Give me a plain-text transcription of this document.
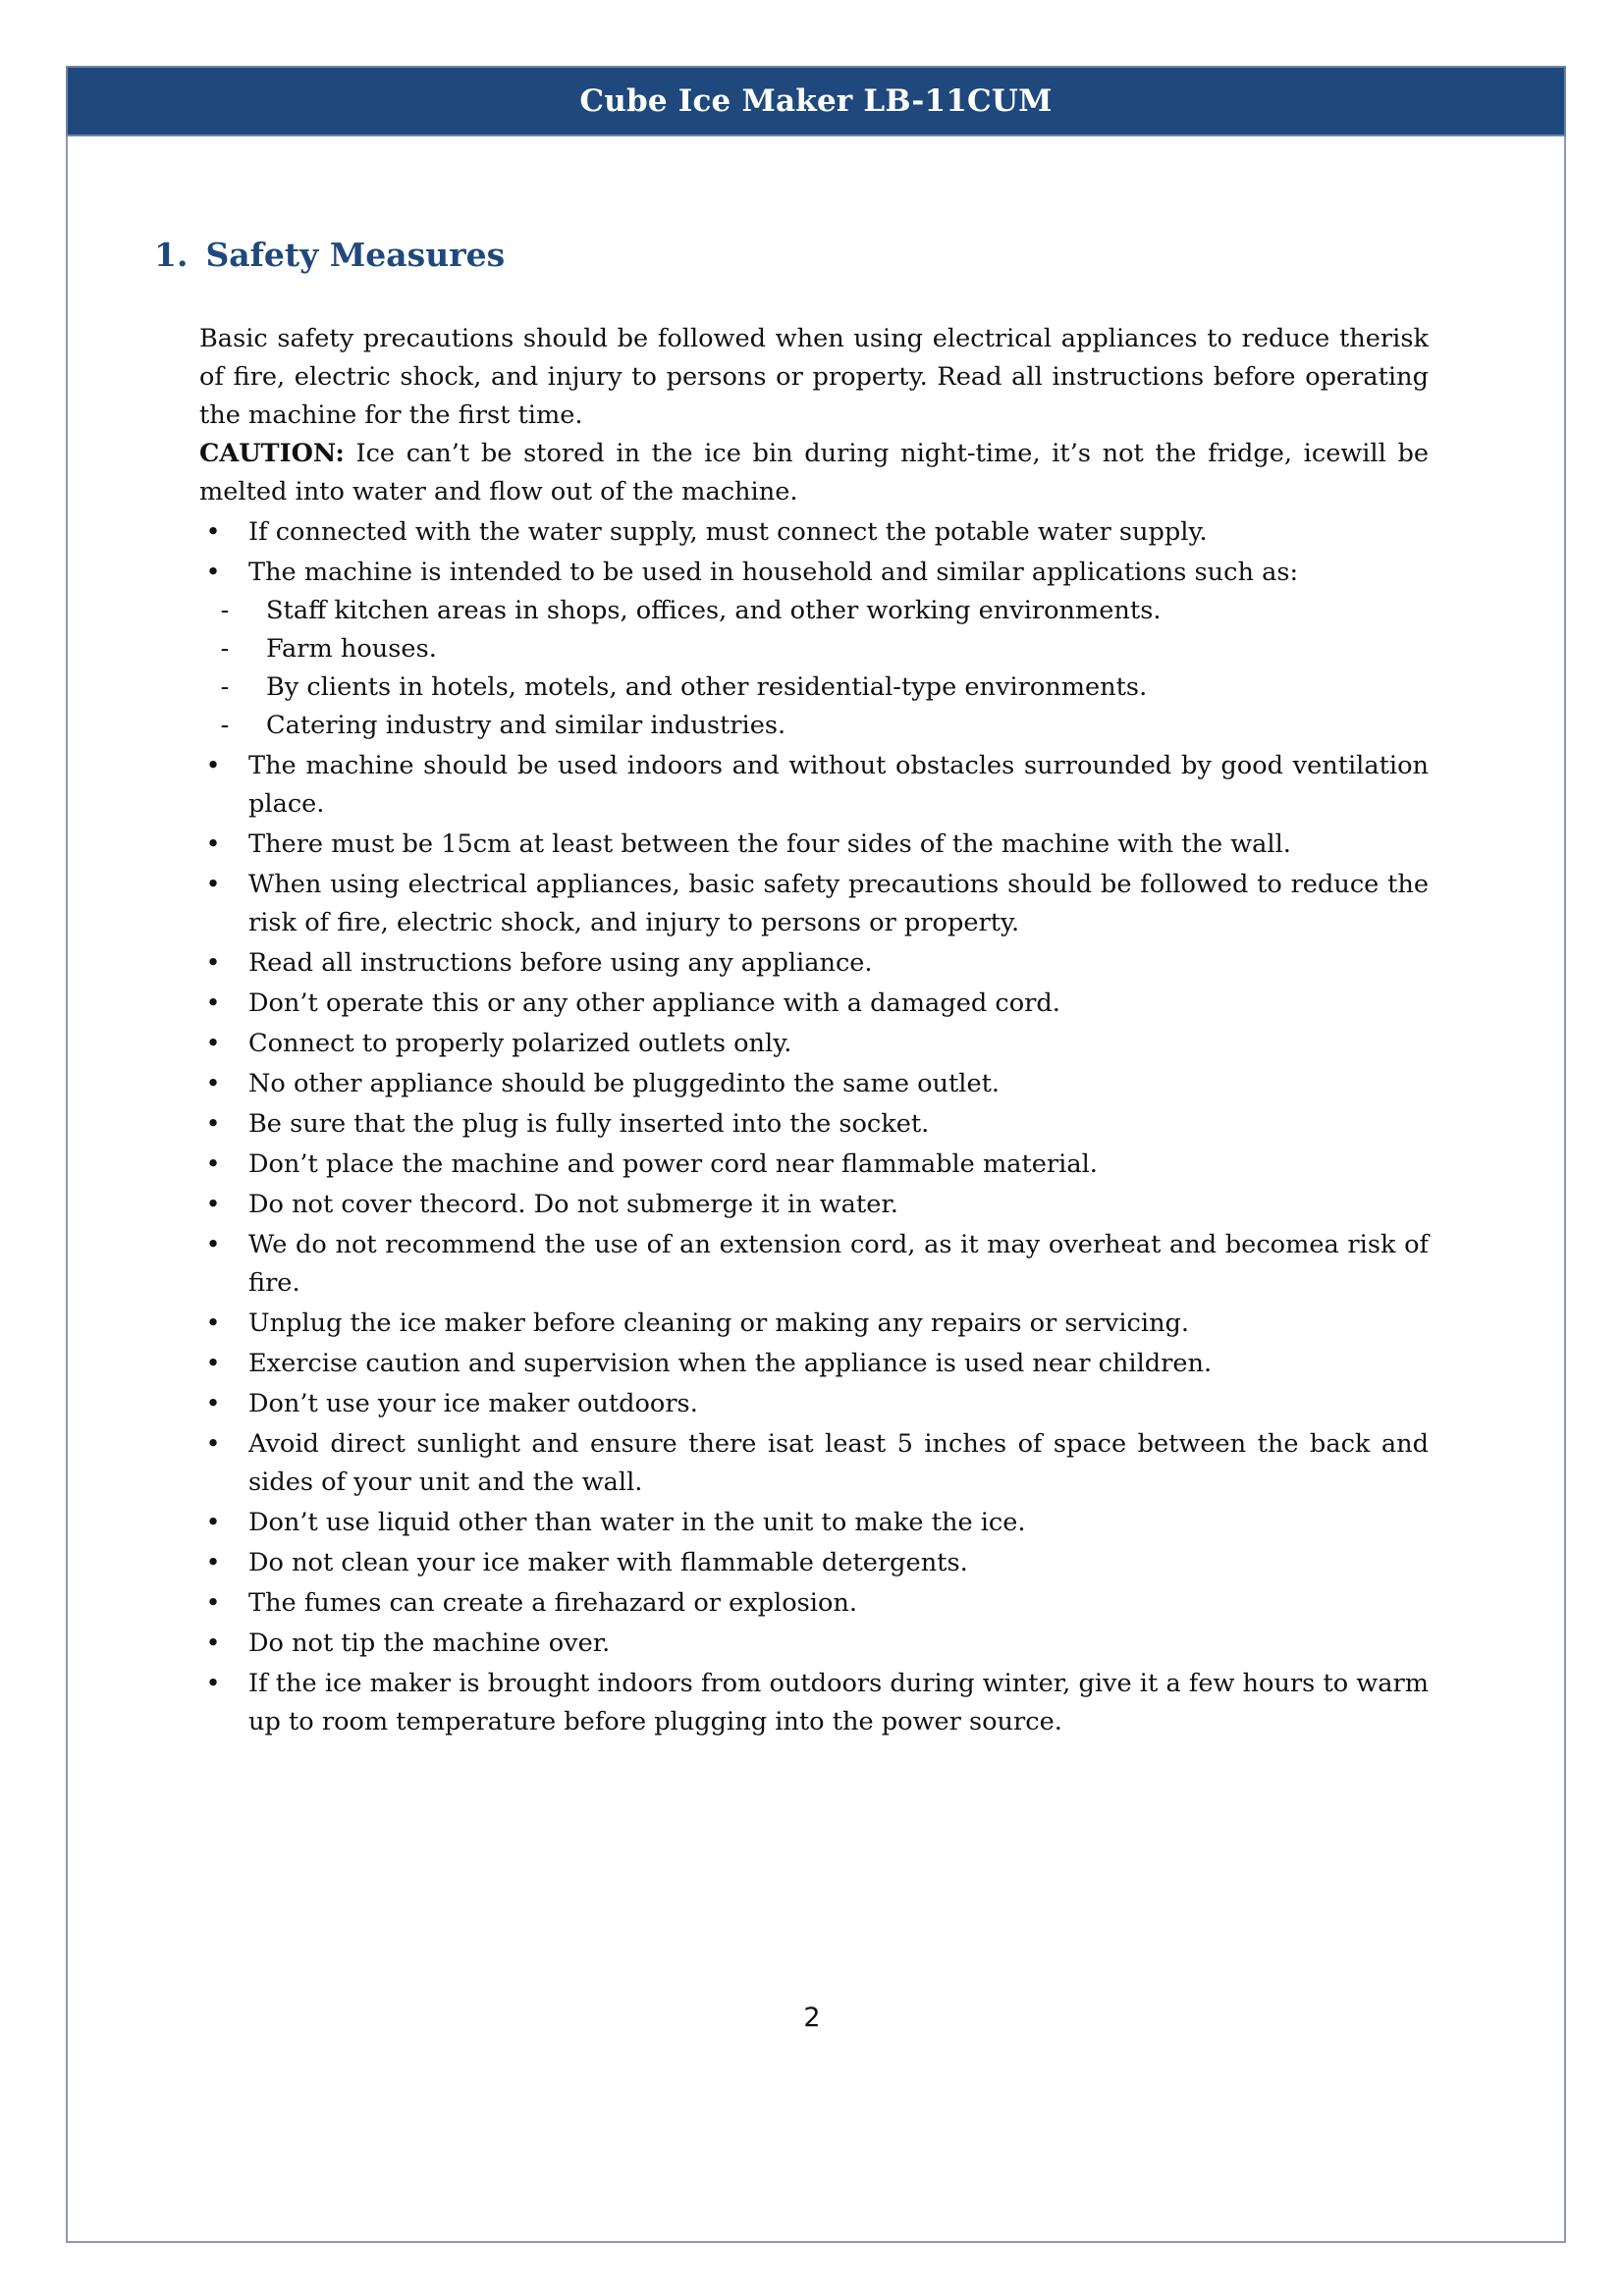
Cube Ice Maker LB-11CUM
1. Safety Measures

Basic safety precautions should be followed when using electrical appliances to reduce therisk of fire, electric shock, and injury to persons or property. Read all instructions before operating the machine for the first time.

CAUTION: Ice can’t be stored in the ice bin during night-time, it’s not the fridge, icewill be melted into water and flow out of the machine.

• If connected with the water supply, must connect the potable water supply.
• The machine is intended to be used in household and similar applications such as:
- Staff kitchen areas in shops, offices, and other working environments.
- Farm houses.
- By clients in hotels, motels, and other residential-type environments.
- Catering industry and similar industries.
• The machine should be used indoors and without obstacles surrounded by good ventilation place.
• There must be 15cm at least between the four sides of the machine with the wall.
• When using electrical appliances, basic safety precautions should be followed to reduce the risk of fire, electric shock, and injury to persons or property.
• Read all instructions before using any appliance.
• Don’t operate this or any other appliance with a damaged cord.
• Connect to properly polarized outlets only.
• No other appliance should be pluggedinto the same outlet.
• Be sure that the plug is fully inserted into the socket.
• Don’t place the machine and power cord near flammable material.
• Do not cover thecord. Do not submerge it in water.
• We do not recommend the use of an extension cord, as it may overheat and becomea risk of fire.
• Unplug the ice maker before cleaning or making any repairs or servicing.
• Exercise caution and supervision when the appliance is used near children.
• Don’t use your ice maker outdoors.
• Avoid direct sunlight and ensure there isat least 5 inches of space between the back and sides of your unit and the wall.
• Don’t use liquid other than water in the unit to make the ice.
• Do not clean your ice maker with flammable detergents.
• The fumes can create a firehazard or explosion.
• Do not tip the machine over.
• If the ice maker is brought indoors from outdoors during winter, give it a few hours to warm up to room temperature before plugging into the power source.
2
